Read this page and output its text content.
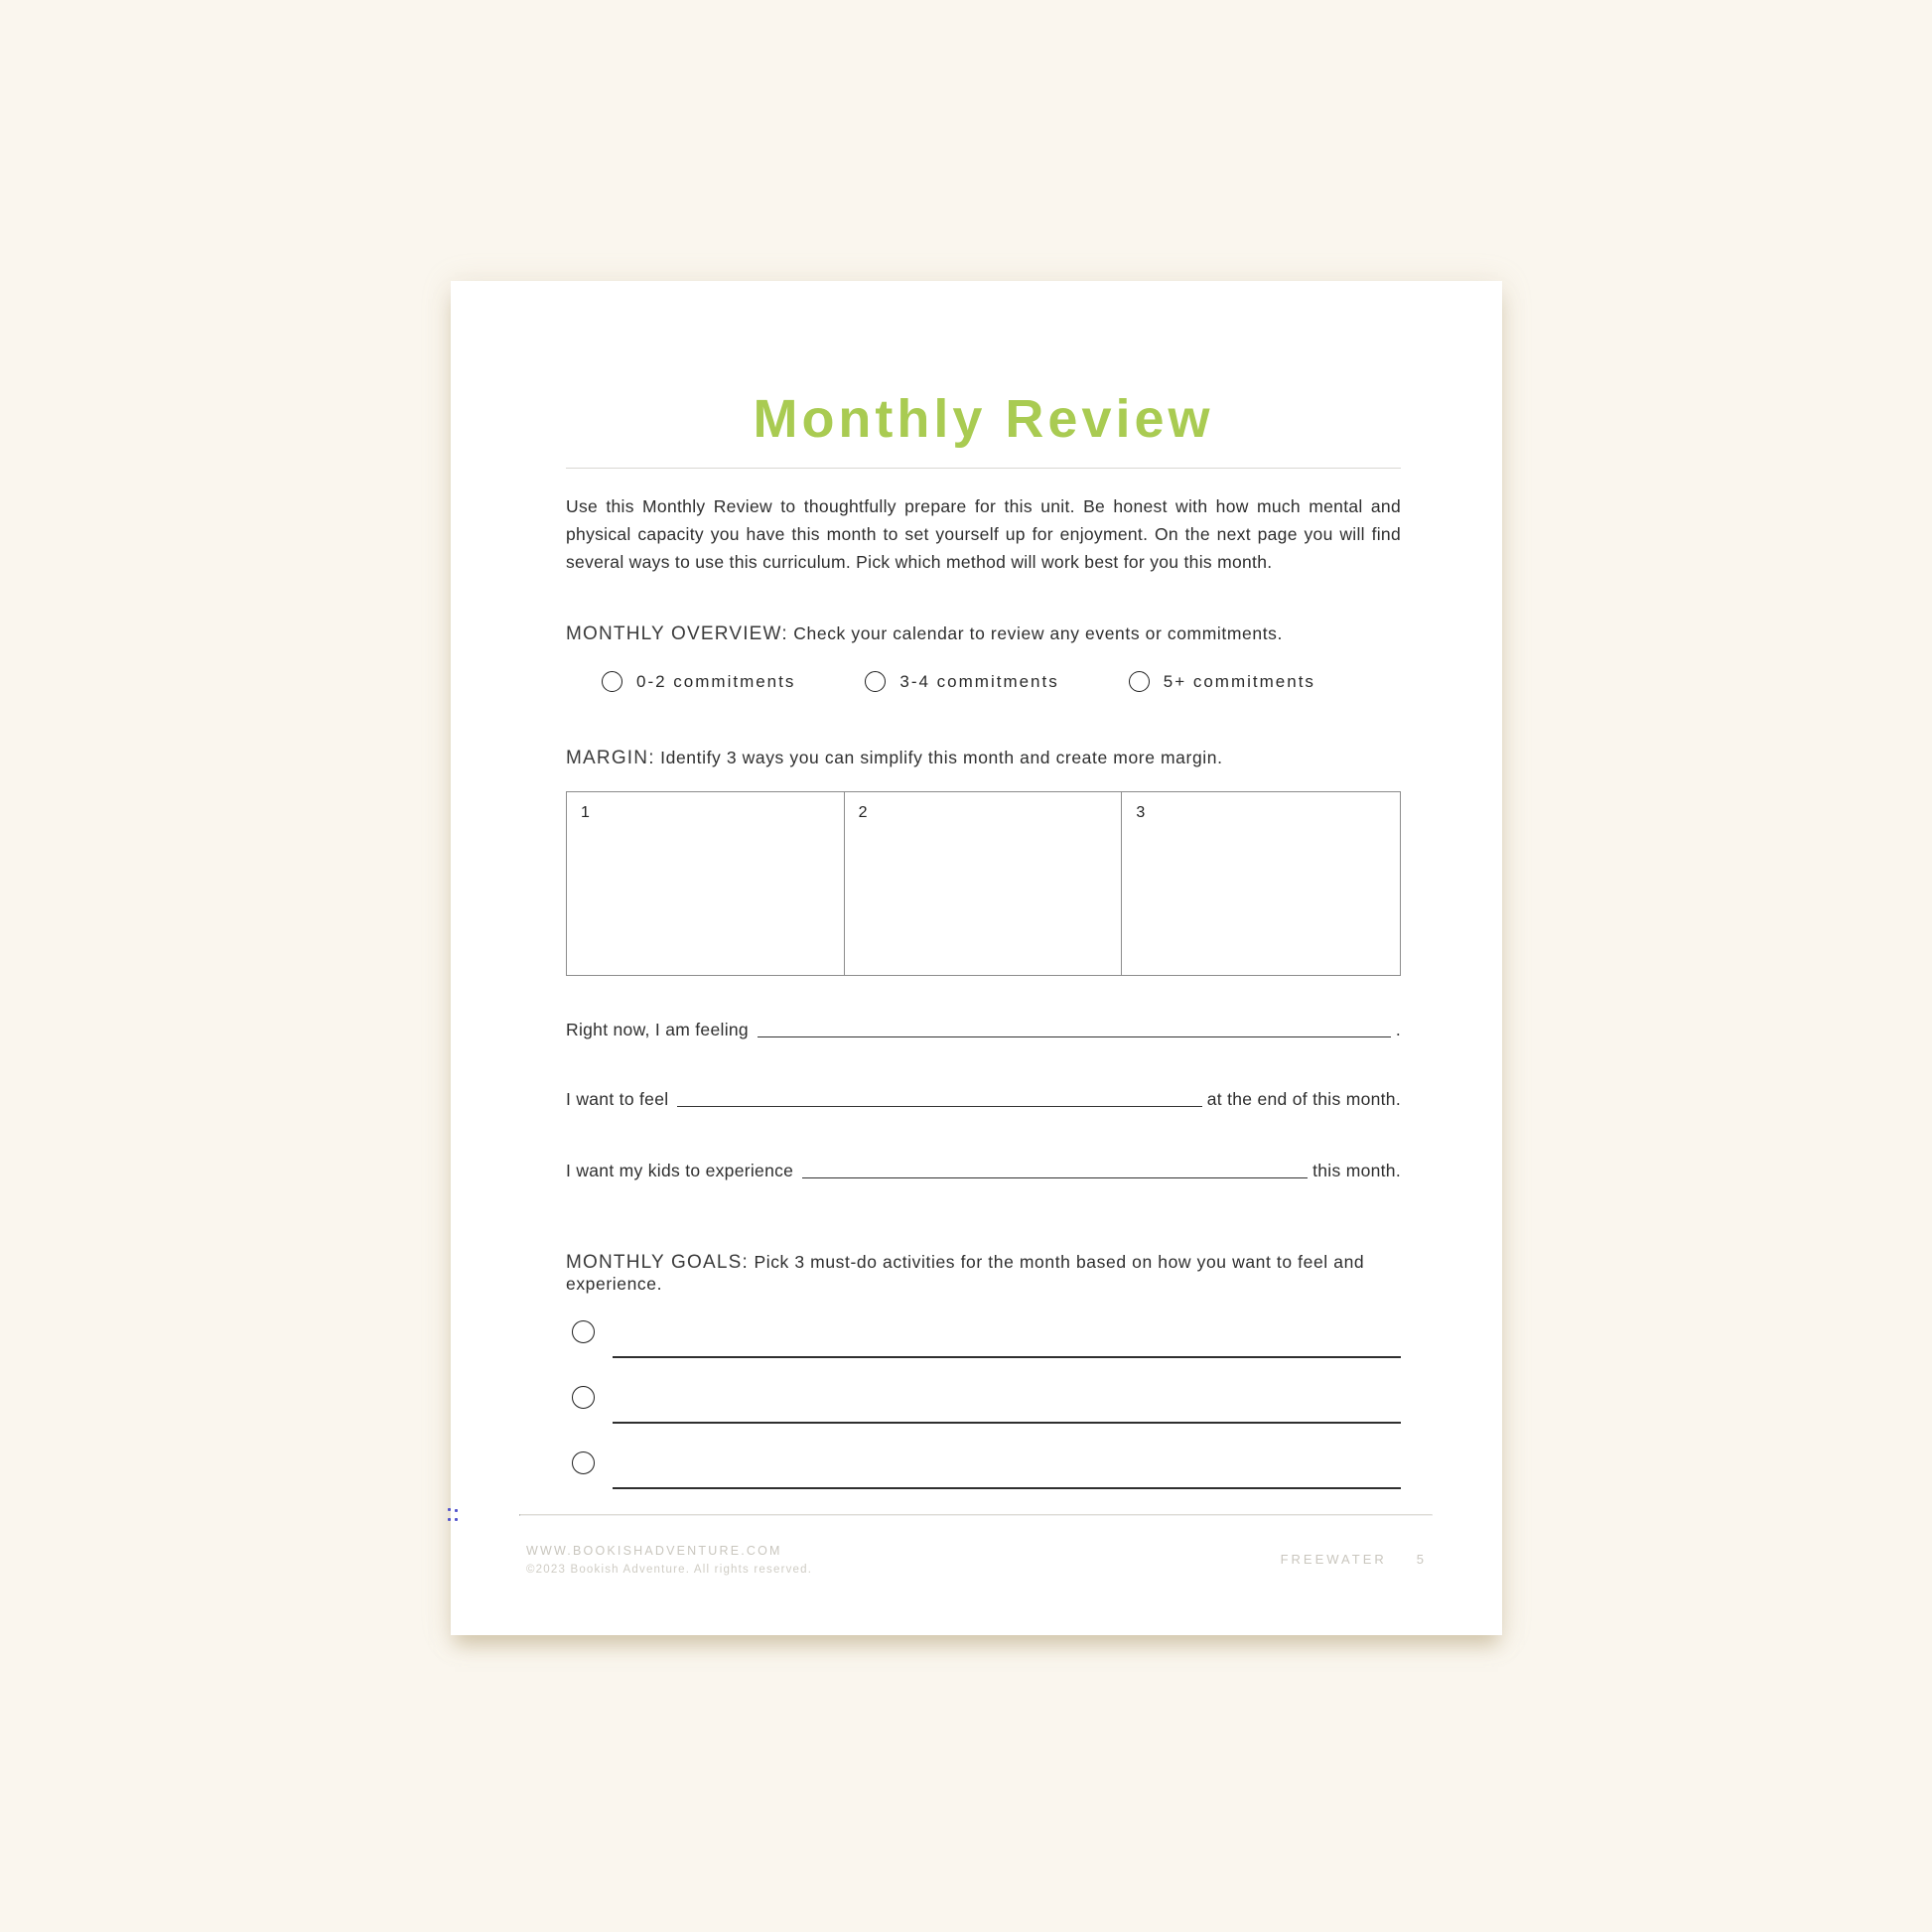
Monthly Review

Use this Monthly Review to thoughtfully prepare for this unit. Be honest with how much mental and physical capacity you have this month to set yourself up for enjoyment. On the next page you will find several ways to use this curriculum. Pick which method will work best for you this month.

MONTHLY OVERVIEW: Check your calendar to review any events or commitments.
0-2 commitments	3-4 commitments	5+ commitments
MARGIN: Identify 3 ways you can simplify this month and create more margin.
1	2	3
Right now, I am feeling	.
I want to feel	at the end of this month.
I want my kids to experience	this month.
MONTHLY GOALS: Pick 3 must-do activities for the month based on how you want to feel and experience.
WWW.BOOKISHADVENTURE.COM
©2023 Bookish Adventure. All rights reserved.
FREEWATER 5
